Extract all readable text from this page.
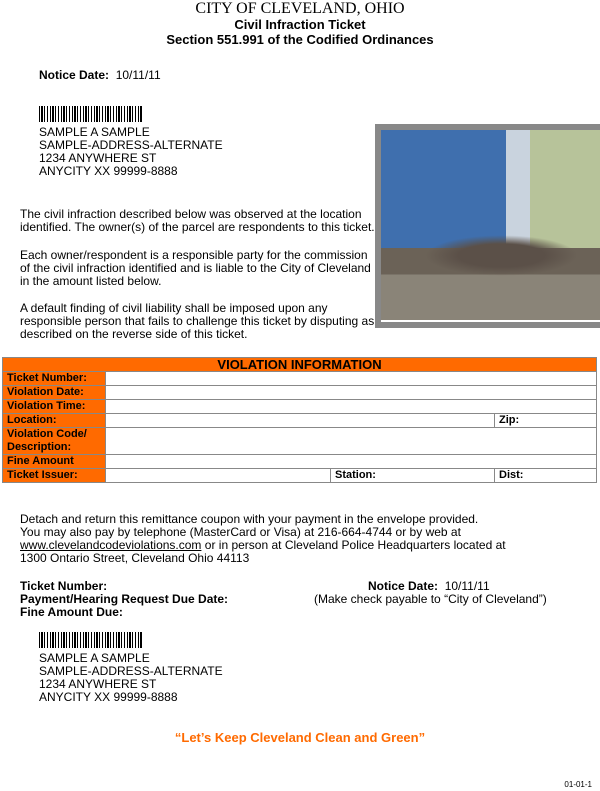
CITY OF CLEVELAND, OHIO
Civil Infraction Ticket
Section 551.991 of the Codified Ordinances
Notice Date: 10/11/11
SAMPLE A SAMPLE
SAMPLE-ADDRESS-ALTERNATE
1234 ANYWHERE ST
ANYCITY XX 99999-8888
The civil infraction described below was observed at the location identified. The owner(s) of the parcel are respondents to this ticket.
Each owner/respondent is a responsible party for the commission of the civil infraction identified and is liable to the City of Cleveland in the amount listed below.
A default finding of civil liability shall be imposed upon any responsible person that fails to challenge this ticket by disputing as described on the reverse side of this ticket.
VIOLATION INFORMATION			
Ticket Number:			
Violation Date:			
Violation Time:			
Location:			Zip:
Violation Code/ Description:			
Fine Amount			
Ticket Issuer:		Station:	Dist:
Detach and return this remittance coupon with your payment in the envelope provided.
You may also pay by telephone (MasterCard or Visa) at 216-664-4744 or by web at
www.clevelandcodeviolations.com or in person at Cleveland Police Headquarters located at
1300 Ontario Street, Cleveland Ohio 44113
Ticket Number:
Payment/Hearing Request Due Date:
Fine Amount Due:
Notice Date: 10/11/11
(Make check payable to “City of Cleveland”)
SAMPLE A SAMPLE
SAMPLE-ADDRESS-ALTERNATE
1234 ANYWHERE ST
ANYCITY XX 99999-8888
“Let’s Keep Cleveland Clean and Green”
01-01-1
